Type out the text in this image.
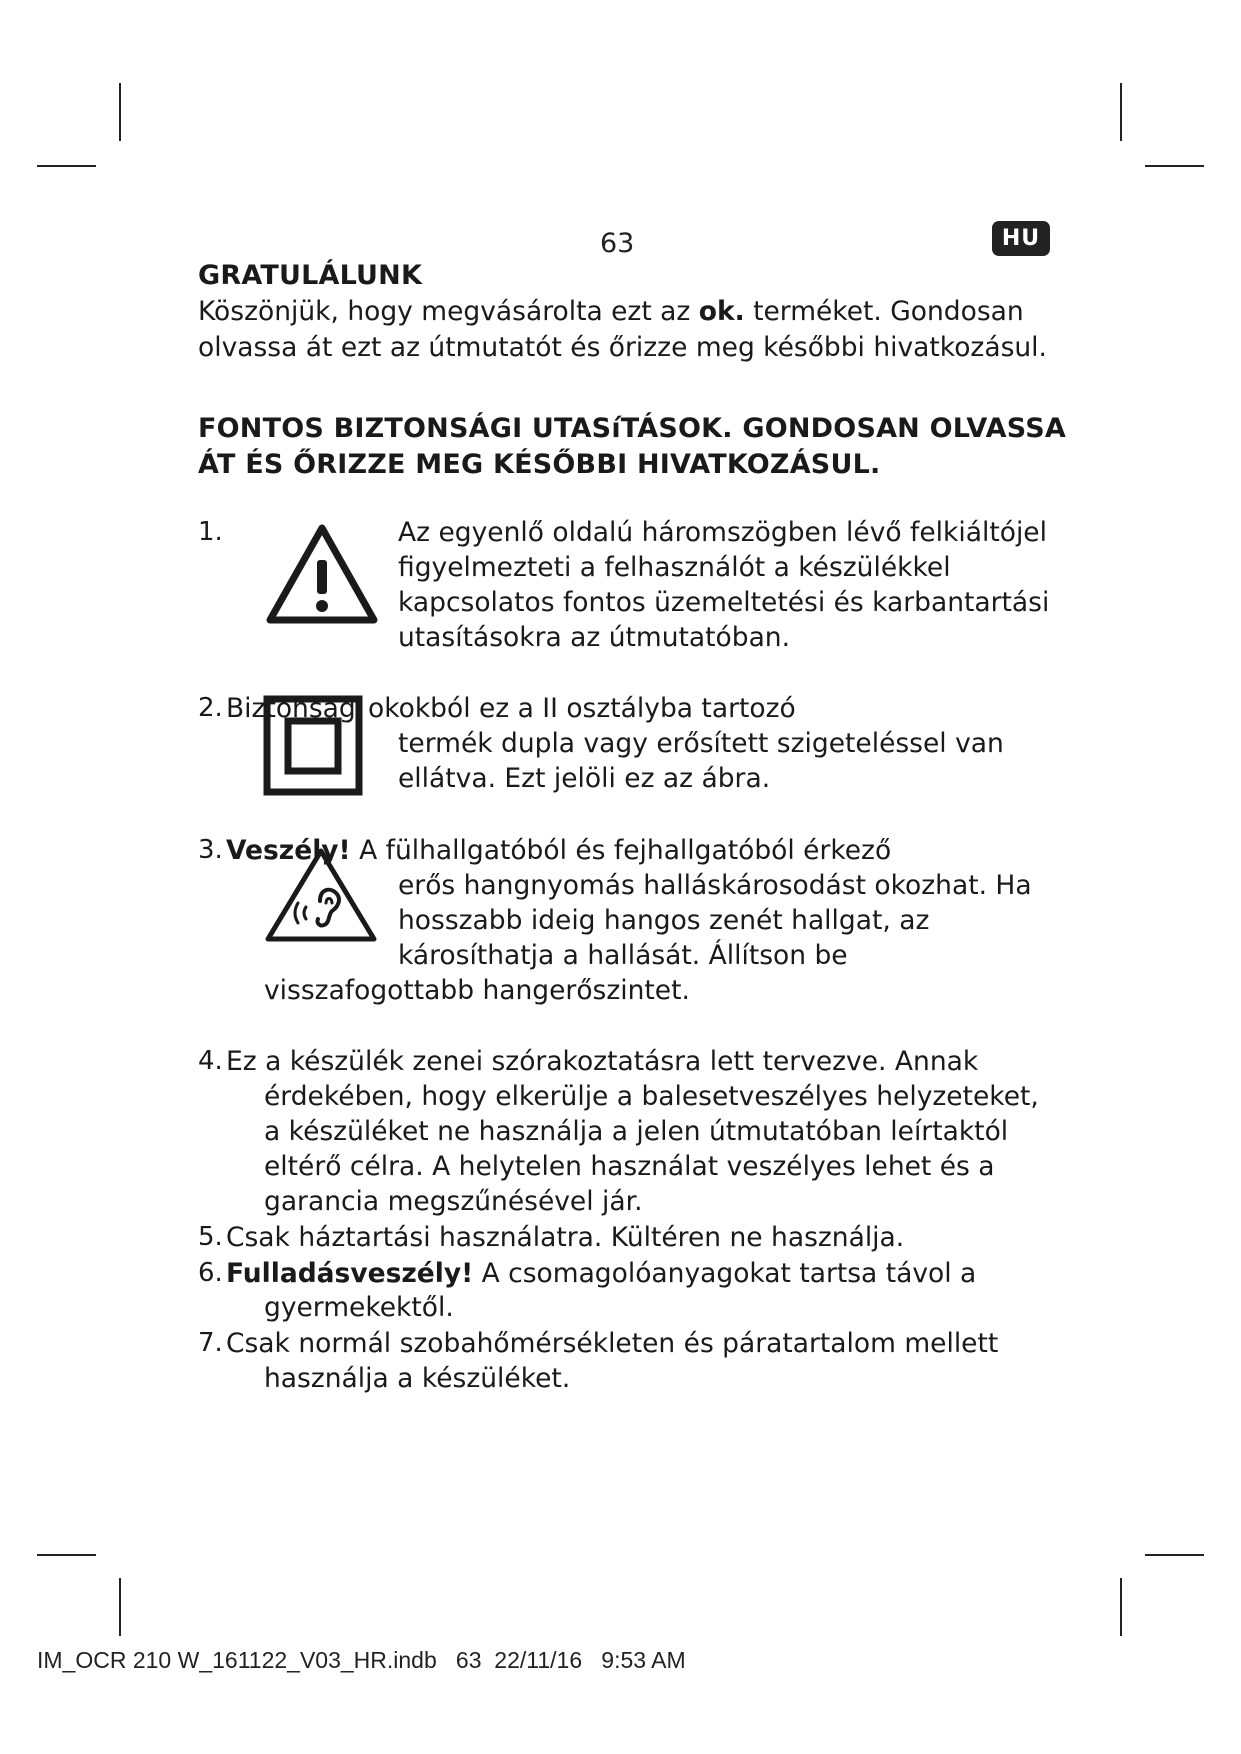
63	HU
GRATULÁLUNK
Köszönjük, hogy megvásárolta ezt az ok. terméket. Gondosan
olvassa át ezt az útmutatót és őrizze meg későbbi hivatkozásul.
FONTOS BIZTONSÁGI UTASíTÁSOK. GONDOSAN OLVASSA
ÁT ÉS ŐRIZZE MEG KÉSŐBBI HIVATKOZÁSUL.
1.	Az egyenlő oldalú háromszögben lévő felkiáltójel
figyelmezteti a felhasználót a készülékkel
kapcsolatos fontos üzemeltetési és karbantartási
utasításokra az útmutatóban.
2. Biztonsági okokból ez a II osztályba tartozó
termék dupla vagy erősített szigeteléssel van
ellátva. Ezt jelöli ez az ábra.
3. Veszély! A fülhallgatóból és fejhallgatóból érkező
erős hangnyomás halláskárosodást okozhat. Ha
hosszabb ideig hangos zenét hallgat, az
károsíthatja a hallását. Állítson be
visszafogottabb hangerőszintet.
4. Ez a készülék zenei szórakoztatásra lett tervezve. Annak
érdekében, hogy elkerülje a balesetveszélyes helyzeteket,
a készüléket ne használja a jelen útmutatóban leírtaktól
eltérő célra. A helytelen használat veszélyes lehet és a
garancia megszűnésével jár.
5. Csak háztartási használatra. Kültéren ne használja.
6. Fulladásveszély! A csomagolóanyagokat tartsa távol a
gyermekektől.
7. Csak normál szobahőmérsékleten és páratartalom mellett
használja a készüléket.
IM_OCR 210 W_161122_V03_HR.indb   63  22/11/16   9:53 AM
